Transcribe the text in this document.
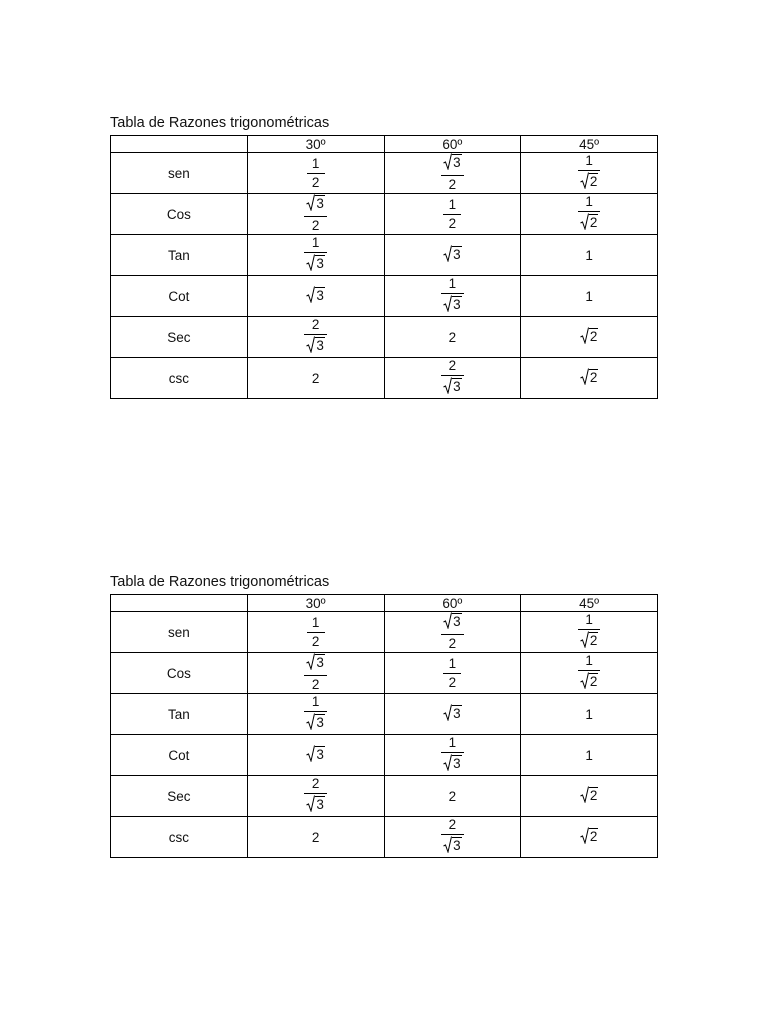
Tabla de Razones trigonométricas
	30º	60º	45º
sen	$\frac{1}{2}$	$\frac{3}{2}$	$\frac{1}{2}$

Cos	$\frac{3}{2}$	$\frac{1}{2}$	$\frac{1}{2}$

Tan	$\frac{1}{3}$	3	1
Cot	3	$\frac{1}{3}$	1
Sec	$\frac{2}{3}$	2	2

csc	2	$\frac{2}{3}$	2
Tabla de Razones trigonométricas
	30º	60º	45º
sen	$\frac{1}{2}$	$\frac{3}{2}$	$\frac{1}{2}$

Cos	$\frac{3}{2}$	$\frac{1}{2}$	$\frac{1}{2}$

Tan	$\frac{1}{3}$	3	1
Cot	3	$\frac{1}{3}$	1
Sec	$\frac{2}{3}$	2	2

csc	2	$\frac{2}{3}$	2
